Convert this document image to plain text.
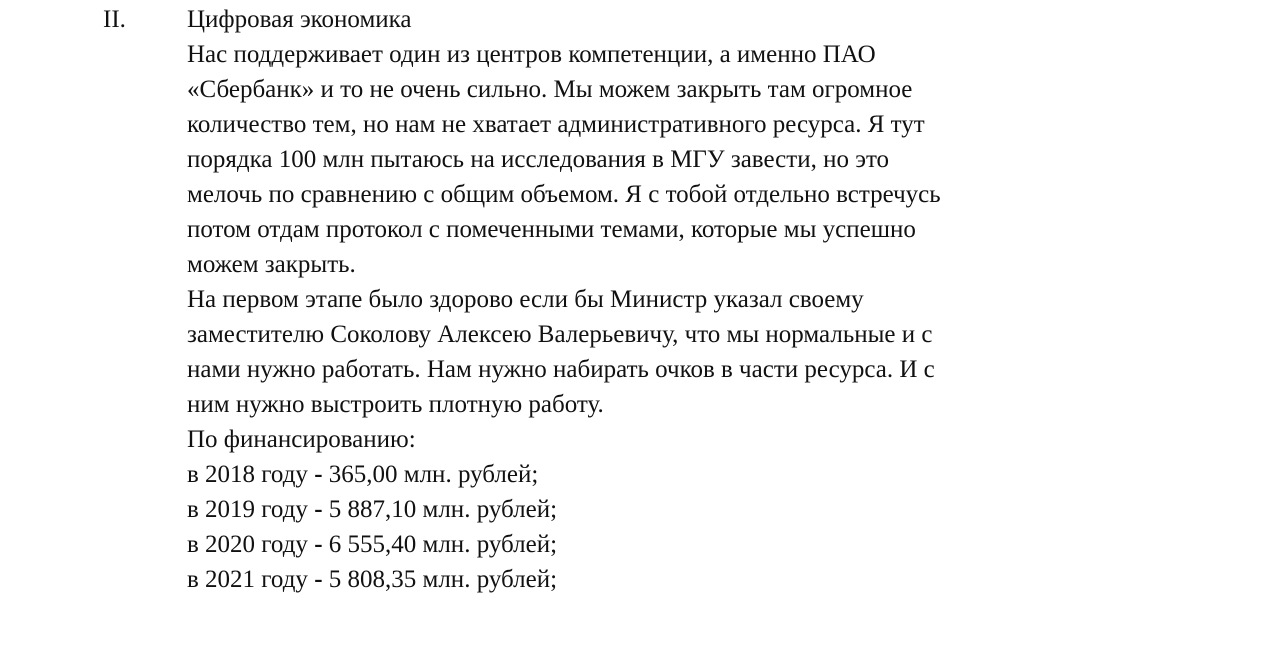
II. Цифровая экономика
Нас поддерживает один из центров компетенции, а именно ПАО
«Сбербанк» и то не очень сильно. Мы можем закрыть там огромное
количество тем, но нам не хватает административного ресурса. Я тут
порядка 100 млн пытаюсь на исследования в МГУ завести, но это
мелочь по сравнению с общим объемом. Я с тобой отдельно встречусь
потом отдам протокол с помеченными темами, которые мы успешно
можем закрыть.
На первом этапе было здорово если бы Министр указал своему
заместителю Соколову Алексею Валерьевичу, что мы нормальные и с
нами нужно работать. Нам нужно набирать очков в части ресурса. И с
ним нужно выстроить плотную работу.
По финансированию:
в 2018 году - 365,00 млн. рублей;
в 2019 году - 5 887,10 млн. рублей;
в 2020 году - 6 555,40 млн. рублей;
в 2021 году - 5 808,35 млн. рублей;
